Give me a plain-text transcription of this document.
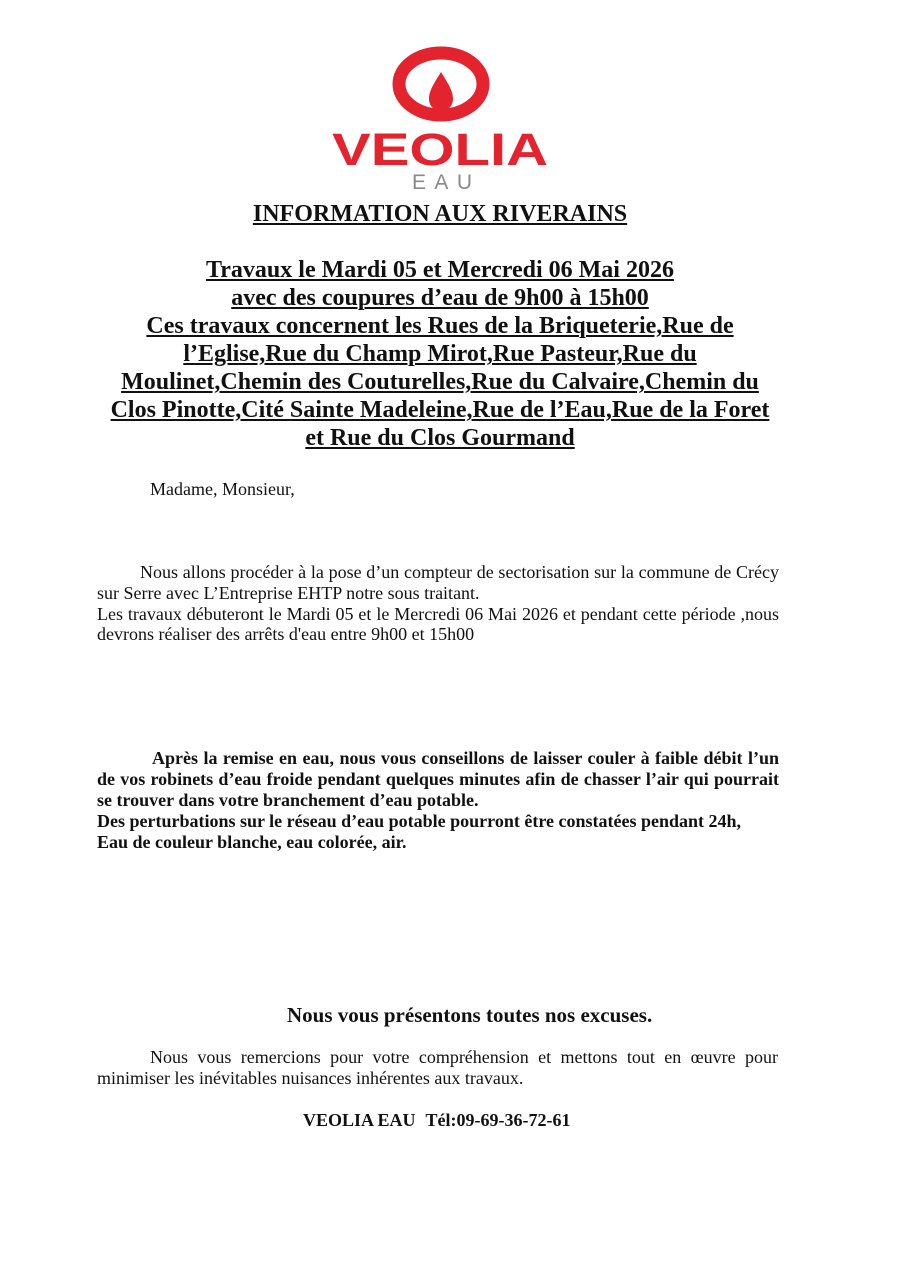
VEOLIA
EAU
INFORMATION AUX RIVERAINS
Travaux le Mardi 05 et Mercredi 06 Mai 2026
avec des coupures d’eau de 9h00 à 15h00
Ces travaux concernent les Rues de la Briqueterie,Rue de
l’Eglise,Rue du Champ Mirot,Rue Pasteur,Rue du
Moulinet,Chemin des Couturelles,Rue du Calvaire,Chemin du
Clos Pinotte,Cité Sainte Madeleine,Rue de l’Eau,Rue de la Foret
et Rue du Clos Gourmand
Madame, Monsieur,
Nous allons procéder à la pose d’un compteur de sectorisation sur la commune de Crécy
sur Serre avec L’Entreprise EHTP notre sous traitant.
Les travaux débuteront le Mardi 05 et le Mercredi 06 Mai 2026 et pendant cette période ,nous
devrons réaliser des arrêts d'eau entre 9h00 et 15h00
Après la remise en eau, nous vous conseillons de laisser couler à faible débit l’un
de vos robinets d’eau froide pendant quelques minutes afin de chasser l’air qui pourrait
se trouver dans votre branchement d’eau potable.
Des perturbations sur le réseau d’eau potable pourront être constatées pendant 24h,
Eau de couleur blanche, eau colorée, air.
Nous vous présentons toutes nos excuses.
Nous vous remercions pour votre compréhension et mettons tout en œuvre pour
minimiser les inévitables nuisances inhérentes aux travaux.
VEOLIA EAU Tél:09-69-36-72-61
